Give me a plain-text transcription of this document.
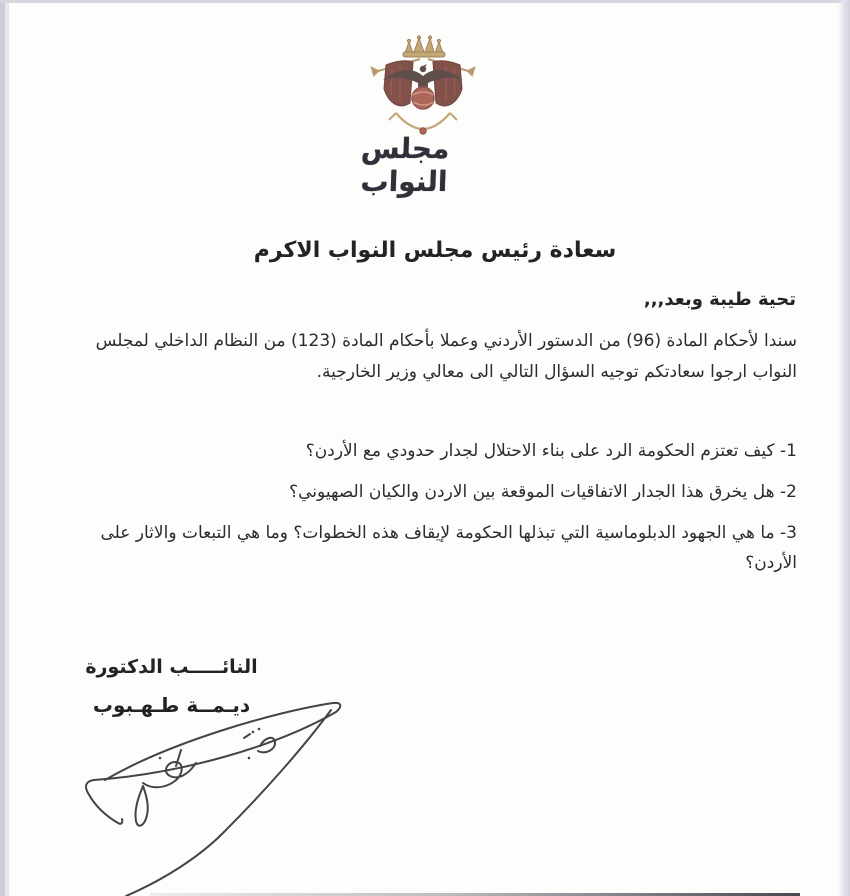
مجلس النواب
سعادة رئيس مجلس النواب الاكرم
تحية طيبة وبعد,,,

سندا لأحكام المادة (96) من الدستور الأردني وعملا بأحكام المادة (123) من النظام الداخلي لمجلس النواب ارجوا سعادتكم توجيه السؤال التالي الى معالي وزير الخارجية.

1- كيف تعتزم الحكومة الرد على بناء الاحتلال لجدار حدودي مع الأردن؟

2- هل يخرق هذا الجدار الاتفاقيات الموقعة بين الاردن والكيان الصهيوني؟

3- ما هي الجهود الدبلوماسية التي تبذلها الحكومة لإيقاف هذه الخطوات؟ وما هي التبعات والاثار على الأردن؟

النائـــــب الدكتورة
ديـمــة طـهـبوب
